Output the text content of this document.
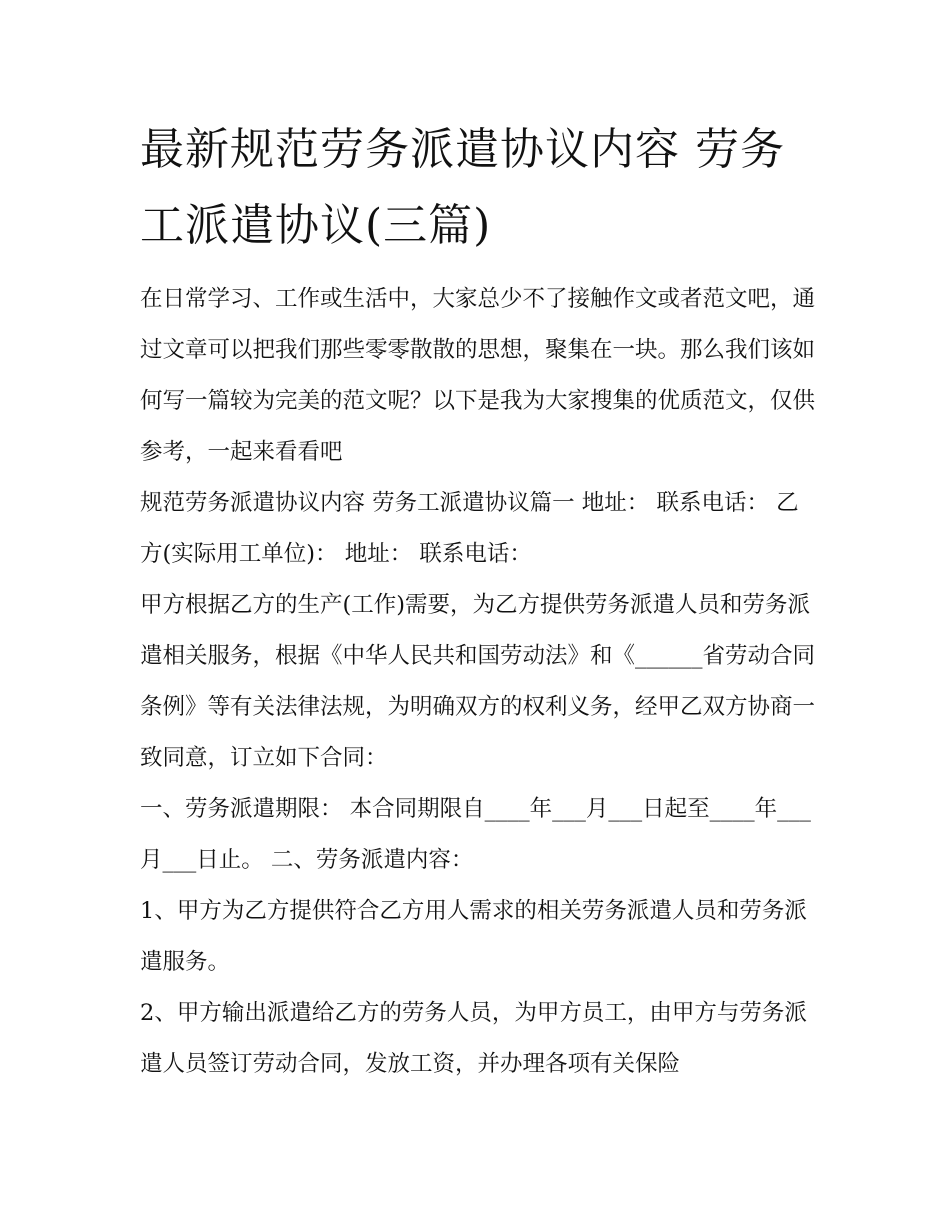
最新规范劳务派遣协议内容 劳务工派遣协议(三篇)

在日常学习、工作或生活中，大家总少不了接触作文或者范文吧，通过文章可以把我们那些零零散散的思想，聚集在一块。那么我们该如何写一篇较为完美的范文呢？以下是我为大家搜集的优质范文，仅供参考，一起来看看吧

规范劳务派遣协议内容 劳务工派遣协议篇一 地址： 联系电话： 乙方(实际用工单位)： 地址： 联系电话：

甲方根据乙方的生产(工作)需要，为乙方提供劳务派遣人员和劳务派遣相关服务，根据《中华人民共和国劳动法》和《______省劳动合同条例》等有关法律法规，为明确双方的权利义务，经甲乙双方协商一致同意，订立如下合同：

一、劳务派遣期限： 本合同期限自____年___月___日起至____年___月___日止。 二、劳务派遣内容：

1、甲方为乙方提供符合乙方用人需求的相关劳务派遣人员和劳务派遣服务。

2、甲方输出派遣给乙方的劳务人员，为甲方员工，由甲方与劳务派遣人员签订劳动合同，发放工资，并办理各项有关保险
